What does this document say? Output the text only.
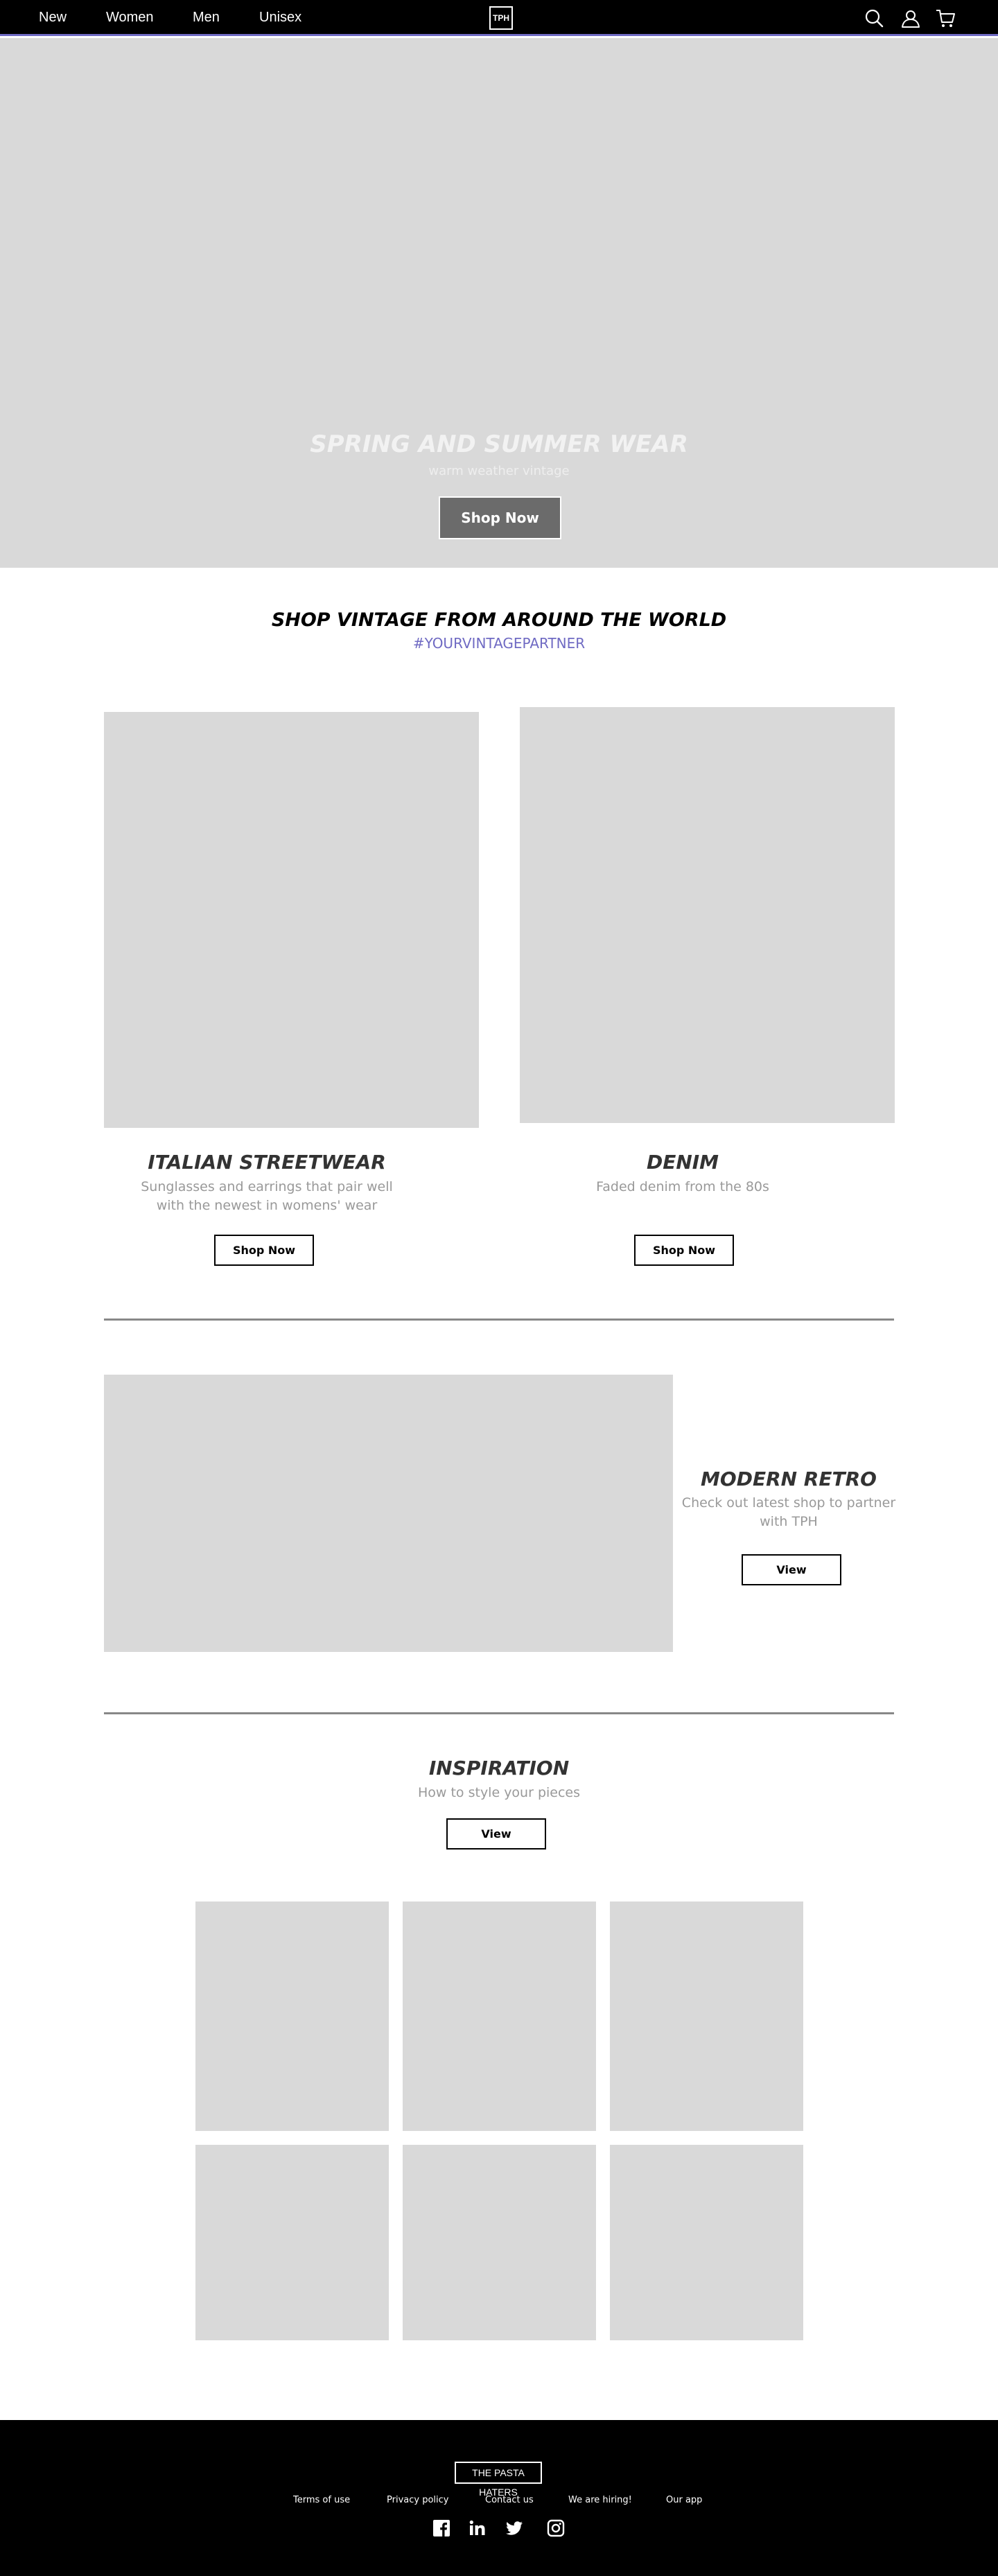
New	Women	Men	Unisex	TPH
SPRING AND SUMMER WEAR

warm weather vintage

Shop Now
SHOP VINTAGE FROM AROUND THE WORLD

#YOURVINTAGEPARTNER

ITALIAN STREETWEAR

Sunglasses and earrings that pair well with the newest in womens' wear

Shop Now
DENIM

Faded denim from the 80s

Shop Now
MODERN RETRO

Check out latest shop to partner with TPH

View
INSPIRATION

How to style your pieces

View
THE PASTA HATERS
Terms of use	Privacy policy	Contact us	We are hiring!	Our app
